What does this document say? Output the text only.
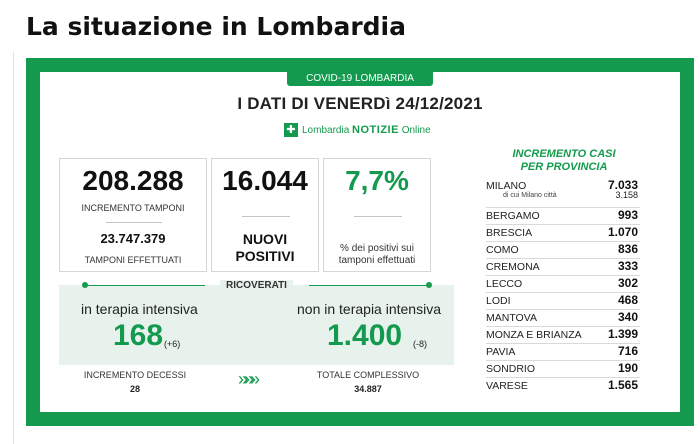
La situazione in Lombardia
COVID-19 LOMBARDIA
I DATI DI VENERDì 24/12/2021
✚ Lombardia NOTIZIE Online
208.288
INCREMENTO TAMPONI
23.747.379
TAMPONI EFFETTUATI
16.044
NUOVI
POSITIVI
7,7%
% dei positivi sui
tamponi effettuati
RICOVERATI
in terapia intensiva
168 (+6)
non in terapia intensiva
1.400 (-8)
INCREMENTO DECESSI
28	»»»	TOTALE COMPLESSIVO
34.887
INCREMENTO CASI
PER PROVINCIA
MILANO	7.033
di cui Milano città	3.158
BERGAMO	993
BRESCIA	1.070
COMO	836
CREMONA	333
LECCO	302
LODI	468
MANTOVA	340
MONZA E BRIANZA 1.399
PAVIA	716
SONDRIO	190
VARESE	1.565
